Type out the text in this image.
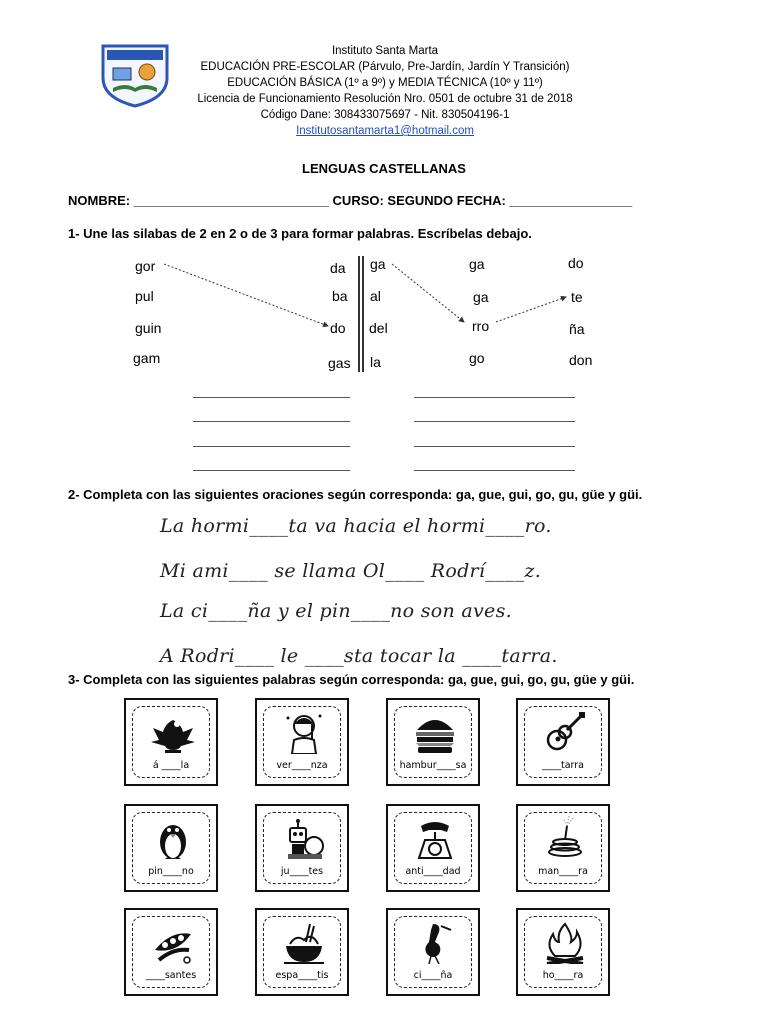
Instituto Santa Marta
EDUCACIÓN PRE-ESCOLAR (Párvulo, Pre-Jardín, Jardín Y Transición)
EDUCACIÓN BÁSICA (1º a 9º) y MEDIA TÉCNICA (10º y 11º)
Licencia de Funcionamiento Resolución Nro. 0501 de octubre 31 de 2018
Código Dane: 308433075697 - Nit. 830504196-1
Institutosantamarta1@hotmail.com
LENGUAS CASTELLANAS
NOMBRE: ___________________________ CURSO: SEGUNDO FECHA: _________________
1- Une las silabas de 2 en 2 o de 3 para formar palabras. Escríbelas debajo.
gor
pul
guin
gam
da
ba
do
gas
ga
al
del
la
ga
ga
rro
go
do
te
ña
don
2- Completa con las siguientes oraciones según corresponda: ga, gue, gui, go, gu, güe y güi.
La hormi____ta va hacia el hormi____ro.
Mi ami____ se llama Ol____ Rodrí____z.
La ci____ña y el pin____no son aves.
A Rodri____ le ____sta tocar la ____tarra.
3- Completa con las siguientes palabras según corresponda: ga, gue, gui, go, gu, güe y güi.
á ____la	ver____nza	hambur____sa	____tarra
pin____no	ju____tes	anti____dad	man____ra
____santes	espa____tis	ci____ña	ho____ra
